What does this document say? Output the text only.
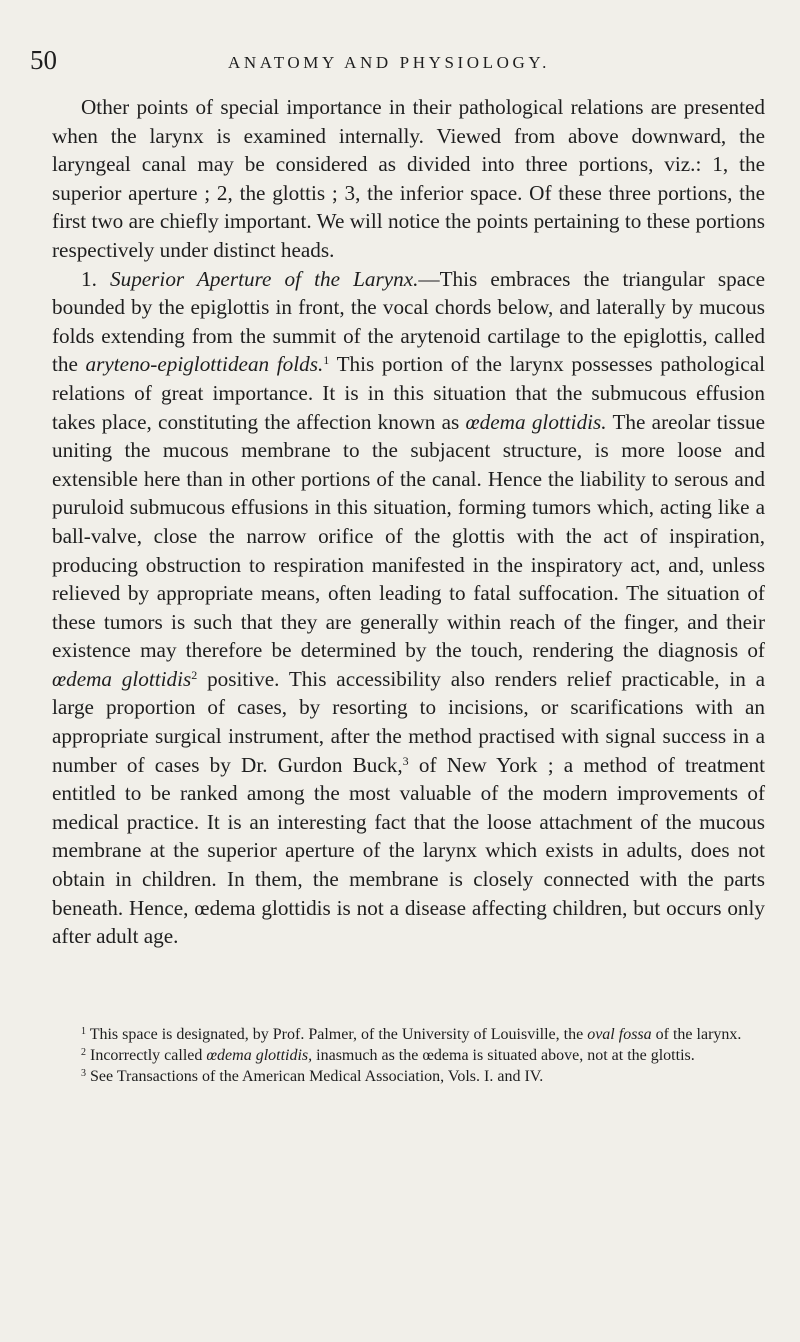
50	ANATOMY AND PHYSIOLOGY.

Other points of special importance in their pathological relations are presented when the larynx is examined internally. Viewed from above downward, the laryngeal canal may be considered as divided into three portions, viz.: 1, the superior aperture ; 2, the glottis ; 3, the inferior space. Of these three portions, the first two are chiefly important. We will notice the points pertaining to these portions respectively under distinct heads.

1. Superior Aperture of the Larynx.—This embraces the triangular space bounded by the epiglottis in front, the vocal chords below, and laterally by mucous folds extending from the summit of the arytenoid cartilage to the epiglottis, called the aryteno-epiglottidean folds.$^1$ This portion of the larynx possesses pathological relations of great importance. It is in this situation that the submucous effusion takes place, constituting the affection known as œdema glottidis. The areolar tissue uniting the mucous membrane to the subjacent structure, is more loose and extensible here than in other portions of the canal. Hence the liability to serous and puruloid submucous effusions in this situation, forming tumors which, acting like a ball-valve, close the narrow orifice of the glottis with the act of inspiration, producing obstruction to respiration manifested in the inspiratory act, and, unless relieved by appropriate means, often leading to fatal suffocation. The situation of these tumors is such that they are generally within reach of the finger, and their existence may therefore be determined by the touch, rendering the diagnosis of œdema glottidis$^2$ positive. This accessibility also renders relief practicable, in a large proportion of cases, by resorting to incisions, or scarifications with an appropriate surgical instrument, after the method practised with signal success in a number of cases by Dr. Gurdon Buck,$^3$ of New York ; a method of treatment entitled to be ranked among the most valuable of the modern improvements of medical practice. It is an interesting fact that the loose attachment of the mucous membrane at the superior aperture of the larynx which exists in adults, does not obtain in children. In them, the membrane is closely connected with the parts beneath. Hence, œdema glottidis is not a disease affecting children, but occurs only after adult age.

$^1$ This space is designated, by Prof. Palmer, of the University of Louisville, the oval fossa of the larynx.

$^2$ Incorrectly called œdema glottidis, inasmuch as the œdema is situated above, not at the glottis.

$^3$ See Transactions of the American Medical Association, Vols. I. and IV.
